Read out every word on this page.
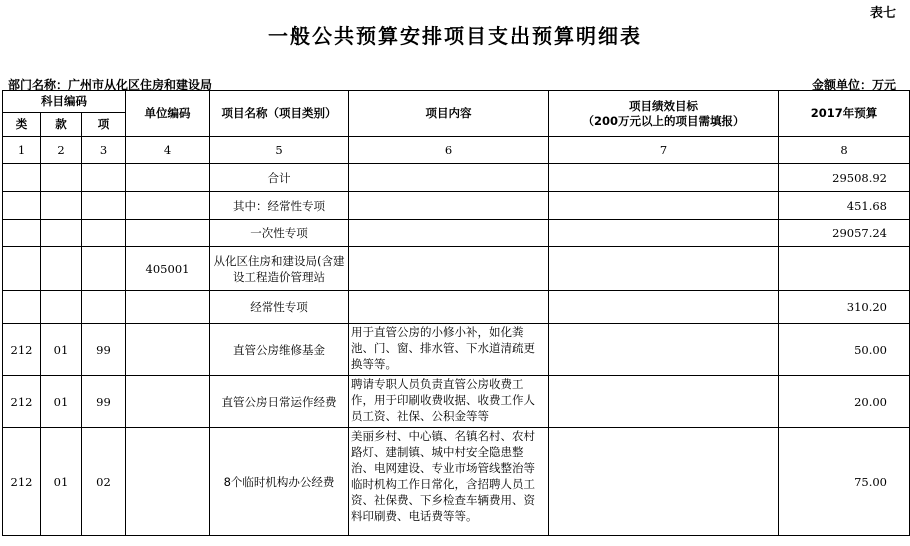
表七
一般公共预算安排项目支出预算明细表
部门名称：广州市从化区住房和建设局	金额单位：万元
科目编码			单位编码	项目名称（项目类别）	项目内容	项目绩效目标
（200万元以上的项目需填报）	2017年预算
类	款	项					
1	2	3	4	5	6	7	8
				合计			29508.92
				其中：经常性专项			451.68
				一次性专项			29057.24
			405001	从化区住房和建设局(含建设工程造价管理站			
				经常性专项			310.20
212	01	99		直管公房维修基金	用于直管公房的小修小补，如化粪池、门、窗、排水管、下水道清疏更换等等。		50.00
212	01	99		直管公房日常运作经费	聘请专职人员负责直管公房收费工作，用于印刷收费收据、收费工作人员工资、社保、公积金等等		20.00
212	01	02		8个临时机构办公经费	美丽乡村、中心镇、名镇名村、农村路灯、建制镇、城中村安全隐患整治、电网建设、专业市场管线整治等临时机构工作日常化，含招聘人员工资、社保费、下乡检查车辆费用、资料印刷费、电话费等等。		75.00
